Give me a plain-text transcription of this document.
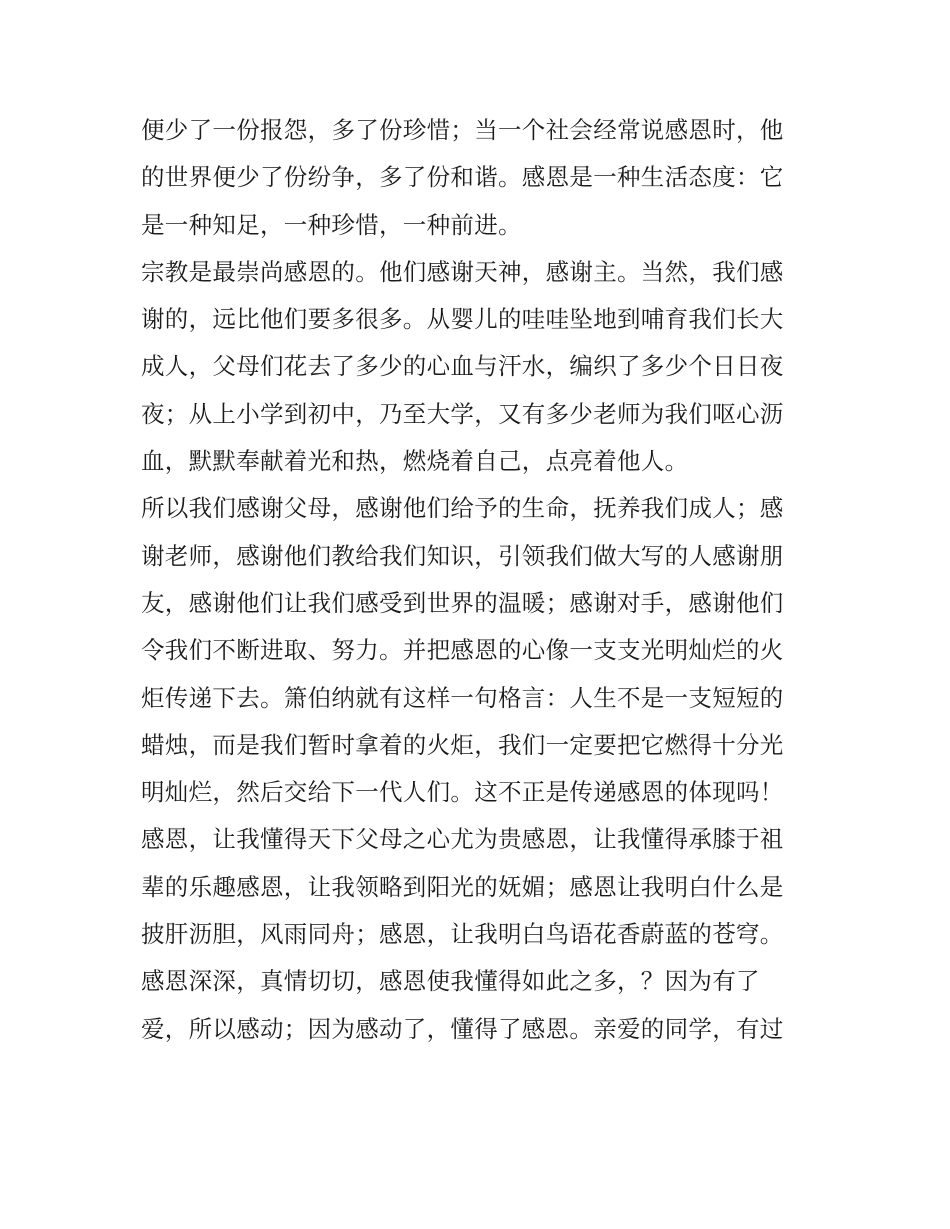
便少了一份报怨，多了份珍惜；当一个社会经常说感恩时，他
的世界便少了份纷争，多了份和谐。感恩是一种生活态度：它
是一种知足，一种珍惜，一种前进。
宗教是最崇尚感恩的。他们感谢天神，感谢主。当然，我们感
谢的，远比他们要多很多。从婴儿的哇哇坠地到哺育我们长大
成人，父母们花去了多少的心血与汗水，编织了多少个日日夜
夜；从上小学到初中，乃至大学，又有多少老师为我们呕心沥
血，默默奉献着光和热，燃烧着自己，点亮着他人。
所以我们感谢父母，感谢他们给予的生命，抚养我们成人；感
谢老师，感谢他们教给我们知识，引领我们做大写的人感谢朋
友，感谢他们让我们感受到世界的温暖；感谢对手，感谢他们
令我们不断进取、努力。并把感恩的心像一支支光明灿烂的火
炬传递下去。箫伯纳就有这样一句格言：人生不是一支短短的
蜡烛，而是我们暂时拿着的火炬，我们一定要把它燃得十分光
明灿烂，然后交给下一代人们。这不正是传递感恩的体现吗！
感恩，让我懂得天下父母之心尤为贵感恩，让我懂得承膝于祖
辈的乐趣感恩，让我领略到阳光的妩媚；感恩让我明白什么是
披肝沥胆，风雨同舟；感恩，让我明白鸟语花香蔚蓝的苍穹。
感恩深深，真情切切，感恩使我懂得如此之多，？因为有了
爱，所以感动；因为感动了，懂得了感恩。亲爱的同学，有过
